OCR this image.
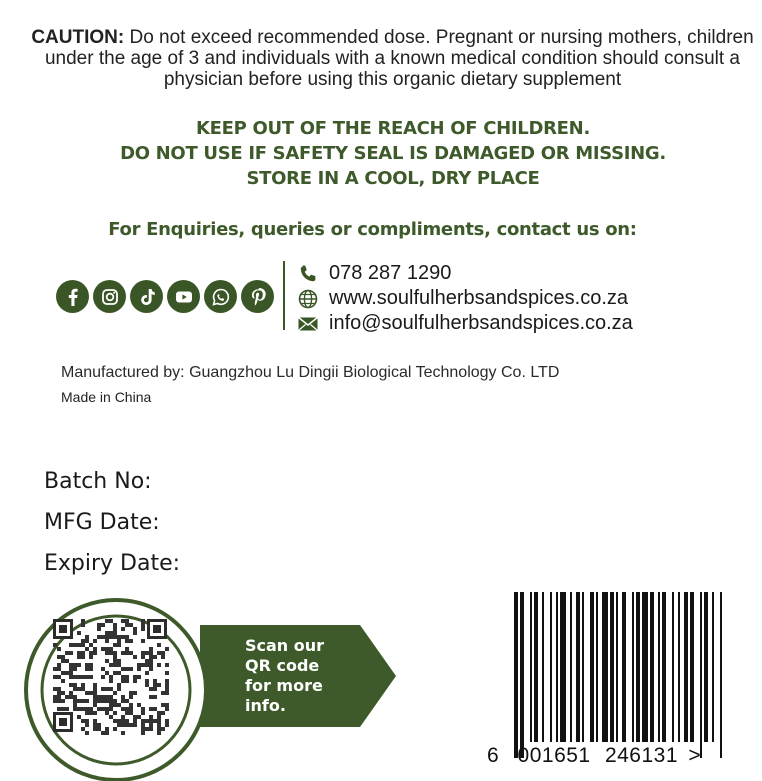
CAUTION: Do not exceed recommended dose. Pregnant or nursing mothers, children under the age of 3 and individuals with a known medical condition should consult a physician before using this organic dietary supplement
KEEP OUT OF THE REACH OF CHILDREN.
DO NOT USE IF SAFETY SEAL IS DAMAGED OR MISSING.
STORE IN A COOL, DRY PLACE
For Enquiries, queries or compliments, contact us on:
078 287 1290
www.soulfulherbsandspices.co.za
info@soulfulherbsandspices.co.za
Manufactured by: Guangzhou Lu Dingii Biological Technology Co. LTD
Made in China
Batch No:
MFG Date:
Expiry Date:
Scan our
QR code
for more
info.
6 001651 246131 >
